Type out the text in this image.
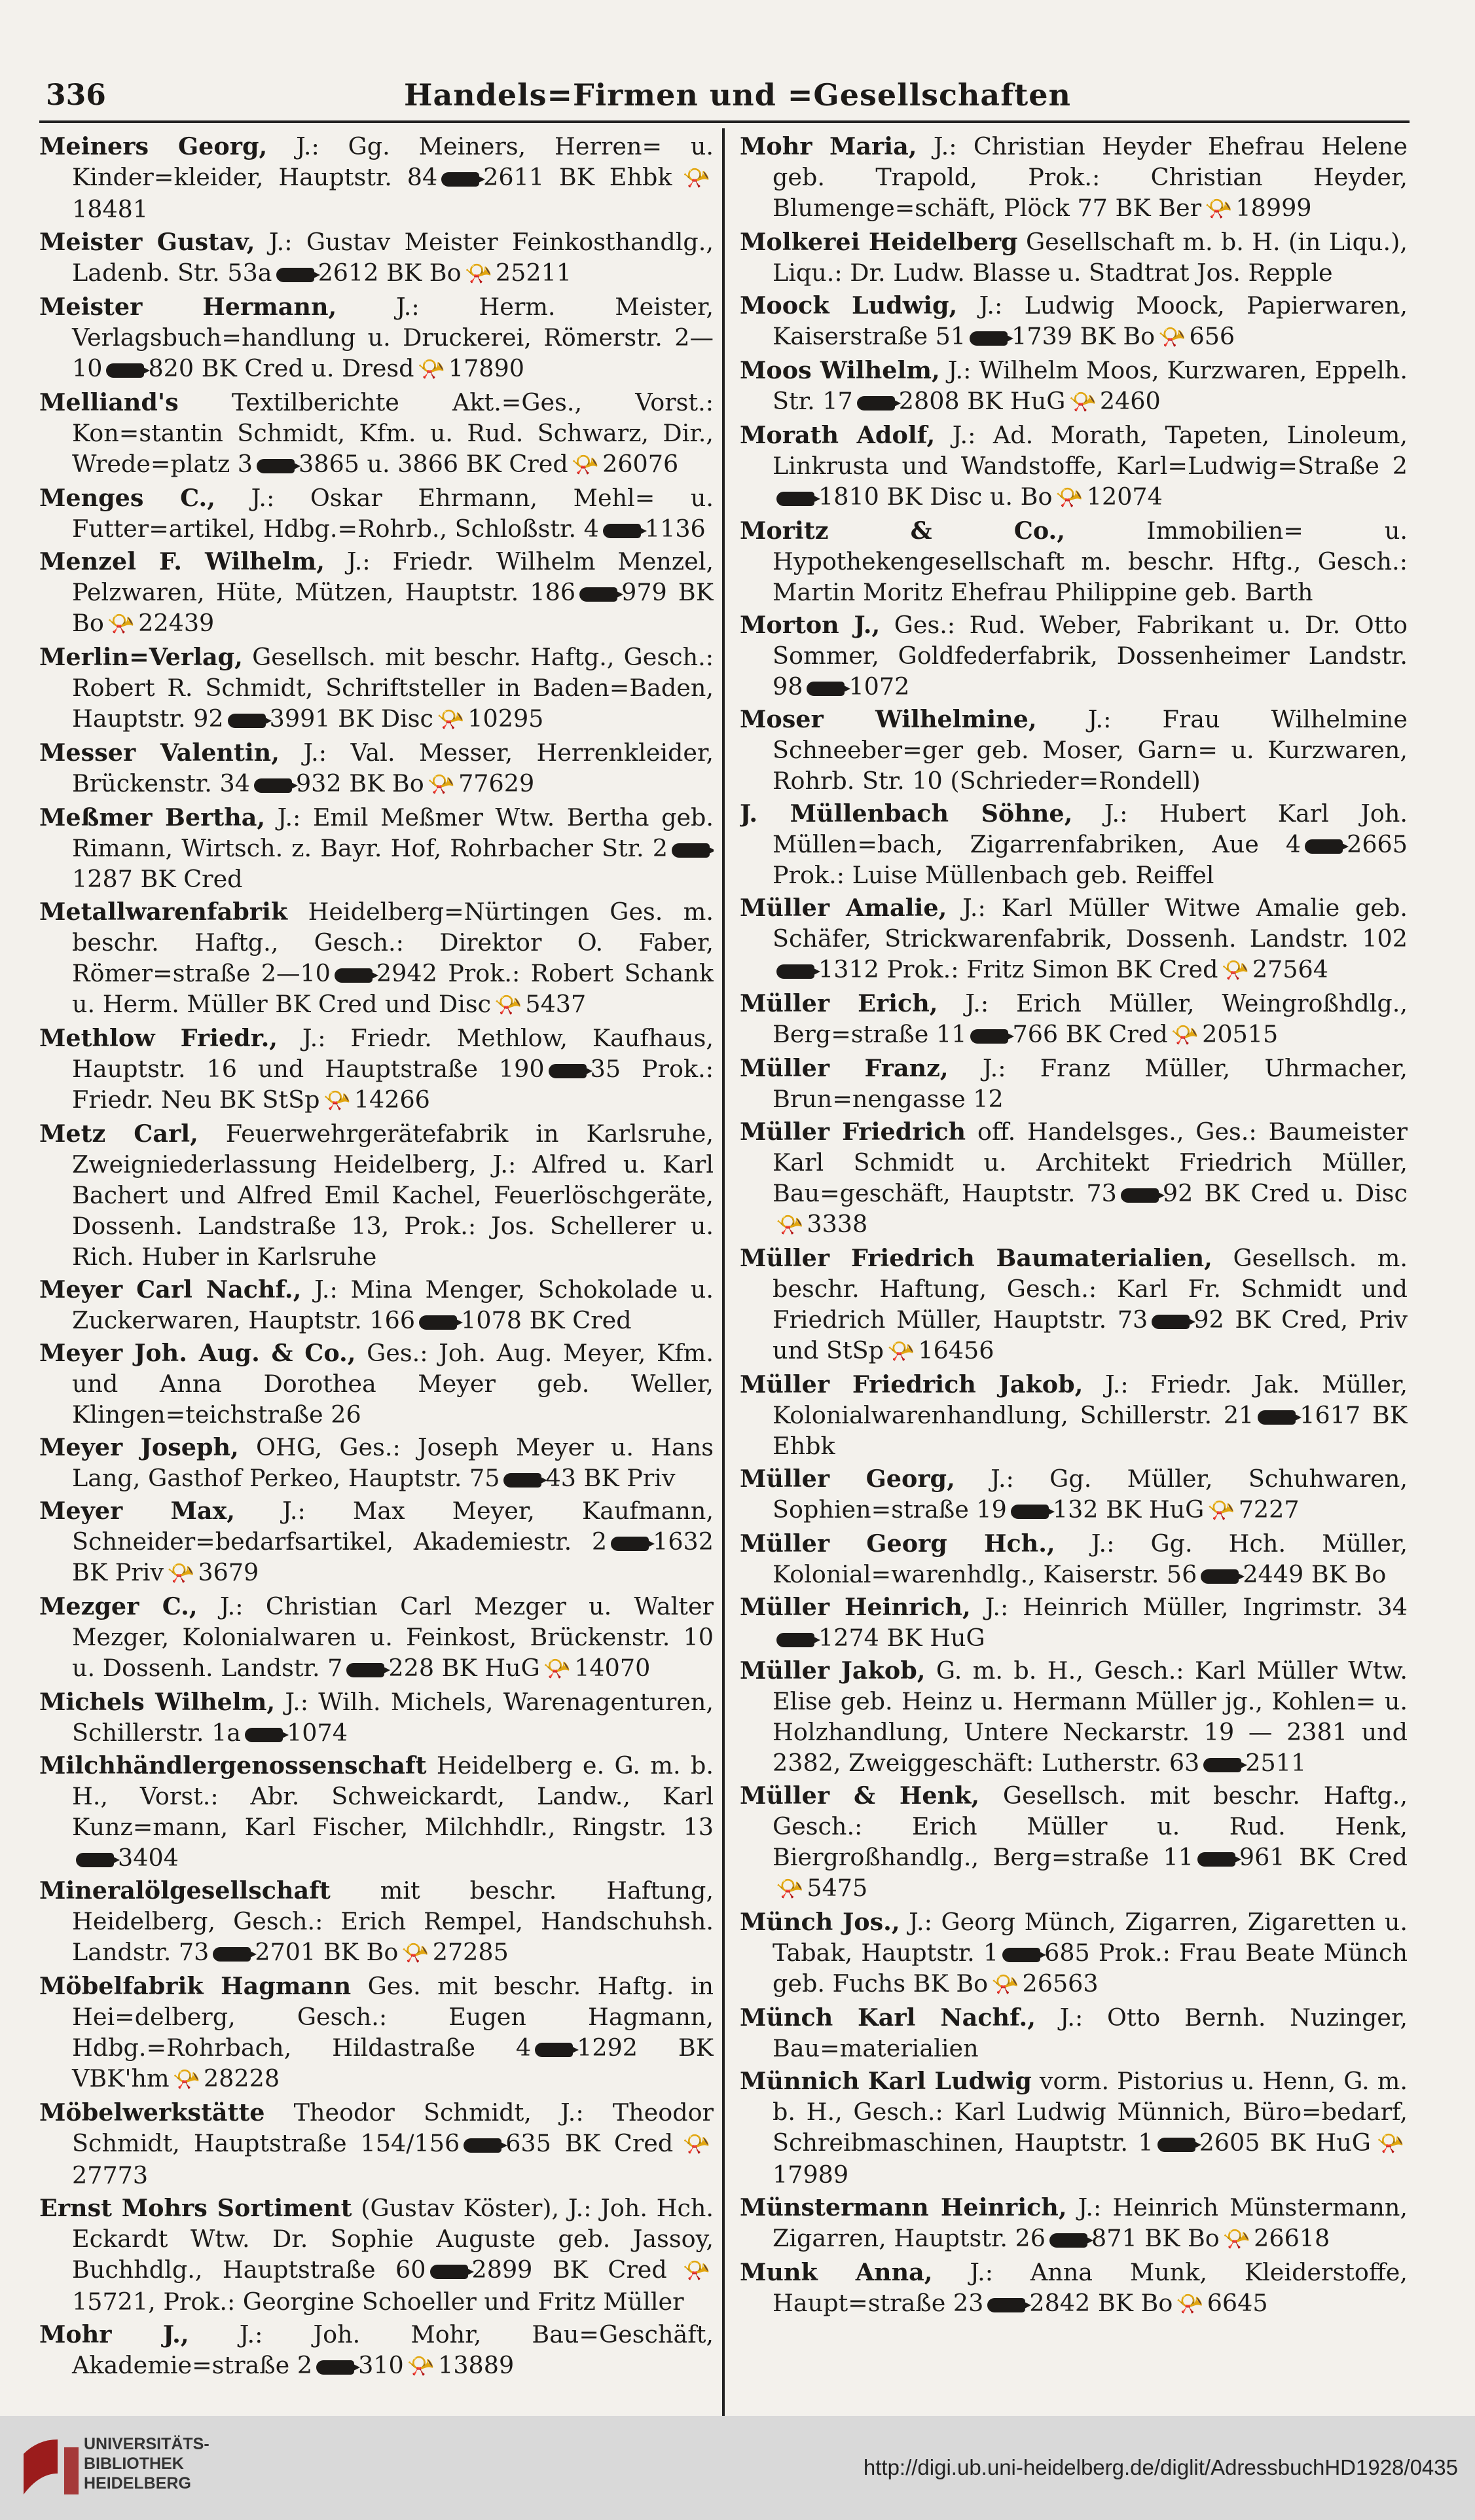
336	Handels=Firmen und =Gesellschaften
Meiners Georg, J.: Gg. Meiners, Herren= u. Kinder=kleider, Hauptstr. 84 2611 BK Ehbk 📯18481
Meister Gustav, J.: Gustav Meister Feinkosthandlg., Ladenb. Str. 53a 2612 BK Bo 📯 25211
Meister Hermann, J.: Herm. Meister, Verlagsbuch=handlung u. Druckerei, Römerstr. 2—10 820 BK Cred u. Dresd 📯 17890
Melliand's Textilberichte Akt.=Ges., Vorst.: Kon=stantin Schmidt, Kfm. u. Rud. Schwarz, Dir., Wrede=platz 3 3865 u. 3866 BK Cred 📯 26076
Menges C., J.: Oskar Ehrmann, Mehl= u. Futter=artikel, Hdbg.=Rohrb., Schloßstr. 4 1136
Menzel F. Wilhelm, J.: Friedr. Wilhelm Menzel, Pelzwaren, Hüte, Mützen, Hauptstr. 186 979 BK Bo 📯 22439
Merlin=Verlag, Gesellsch. mit beschr. Haftg., Gesch.: Robert R. Schmidt, Schriftsteller in Baden=Baden, Hauptstr. 92 3991 BK Disc 📯 10295
Messer Valentin, J.: Val. Messer, Herrenkleider, Brückenstr. 34 932 BK Bo 📯 77629
Meßmer Bertha, J.: Emil Meßmer Wtw. Bertha geb. Rimann, Wirtsch. z. Bayr. Hof, Rohrbacher Str. 21287 BK Cred
Metallwarenfabrik Heidelberg=Nürtingen Ges. m. beschr. Haftg., Gesch.: Direktor O. Faber, Römer=straße 2—10 2942 Prok.: Robert Schank u. Herm. Müller BK Cred und Disc 📯 5437
Methlow Friedr., J.: Friedr. Methlow, Kaufhaus, Hauptstr. 16 und Hauptstraße 190 35 Prok.: Friedr. Neu BK StSp 📯 14266
Metz Carl, Feuerwehrgerätefabrik in Karlsruhe, Zweigniederlassung Heidelberg, J.: Alfred u. Karl Bachert und Alfred Emil Kachel, Feuerlöschgeräte, Dossenh. Landstraße 13, Prok.: Jos. Schellerer u. Rich. Huber in Karlsruhe
Meyer Carl Nachf., J.: Mina Menger, Schokolade u. Zuckerwaren, Hauptstr. 166 1078 BK Cred
Meyer Joh. Aug. & Co., Ges.: Joh. Aug. Meyer, Kfm. und Anna Dorothea Meyer geb. Weller, Klingen=teichstraße 26
Meyer Joseph, OHG, Ges.: Joseph Meyer u. Hans Lang, Gasthof Perkeo, Hauptstr. 75 43 BK Priv
Meyer Max, J.: Max Meyer, Kaufmann, Schneider=bedarfsartikel, Akademiestr. 2 1632 BK Priv 📯 3679
Mezger C., J.: Christian Carl Mezger u. Walter Mezger, Kolonialwaren u. Feinkost, Brückenstr. 10 u. Dossenh. Landstr. 7 228 BK HuG 📯 14070
Michels Wilhelm, J.: Wilh. Michels, Warenagenturen, Schillerstr. 1a 1074
Milchhändlergenossenschaft Heidelberg e. G. m. b. H., Vorst.: Abr. Schweickardt, Landw., Karl Kunz=mann, Karl Fischer, Milchhdlr., Ringstr. 133404
Mineralölgesellschaft mit beschr. Haftung, Heidelberg, Gesch.: Erich Rempel, Handschuhsh. Landstr. 73 2701 BK Bo 📯 27285
Möbelfabrik Hagmann Ges. mit beschr. Haftg. in Hei=delberg, Gesch.: Eugen Hagmann, Hdbg.=Rohrbach, Hildastraße 4 1292 BK VBK'hm 📯 28228
Möbelwerkstätte Theodor Schmidt, J.: Theodor Schmidt, Hauptstraße 154/156 635 BK Cred 📯27773
Ernst Mohrs Sortiment (Gustav Köster), J.: Joh. Hch. Eckardt Wtw. Dr. Sophie Auguste geb. Jassoy, Buchhdlg., Hauptstraße 60 2899 BK Cred 📯15721, Prok.: Georgine Schoeller und Fritz Müller
Mohr J., J.: Joh. Mohr, Bau=Geschäft, Akademie=straße 2 310 📯 13889
Mohr Maria, J.: Christian Heyder Ehefrau Helene geb. Trapold, Prok.: Christian Heyder, Blumenge=schäft, Plöck 77 BK Ber 📯 18999
Molkerei Heidelberg Gesellschaft m. b. H. (in Liqu.), Liqu.: Dr. Ludw. Blasse u. Stadtrat Jos. Repple
Moock Ludwig, J.: Ludwig Moock, Papierwaren, Kaiserstraße 51 1739 BK Bo 📯 656
Moos Wilhelm, J.: Wilhelm Moos, Kurzwaren, Eppelh. Str. 17 2808 BK HuG 📯 2460
Morath Adolf, J.: Ad. Morath, Tapeten, Linoleum, Linkrusta und Wandstoffe, Karl=Ludwig=Straße 21810 BK Disc u. Bo 📯 12074
Moritz & Co.,	Immobilien= u. Hypothekengesellschaft m. beschr. Hftg., Gesch.: Martin Moritz Ehefrau Philippine geb. Barth
Morton J., Ges.: Rud. Weber, Fabrikant u. Dr. Otto Sommer, Goldfederfabrik, Dossenheimer Landstr. 98 1072
Moser Wilhelmine, J.: Frau Wilhelmine Schneeber=ger geb. Moser, Garn= u. Kurzwaren, Rohrb. Str. 10 (Schrieder=Rondell)
J. Müllenbach Söhne, J.: Hubert Karl Joh. Müllen=bach, Zigarrenfabriken, Aue 4 2665 Prok.: Luise Müllenbach geb. Reiffel
Müller Amalie, J.: Karl Müller Witwe Amalie geb. Schäfer, Strickwarenfabrik, Dossenh. Landstr. 1021312 Prok.: Fritz Simon BK Cred 📯 27564
Müller Erich, J.: Erich Müller, Weingroßhdlg., Berg=straße 11 766 BK Cred 📯 20515
Müller Franz, J.: Franz Müller, Uhrmacher, Brun=nengasse 12
Müller Friedrich off. Handelsges., Ges.: Baumeister Karl Schmidt u. Architekt Friedrich Müller, Bau=geschäft, Hauptstr. 73 92 BK Cred u. Disc📯 3338
Müller Friedrich Baumaterialien, Gesellsch. m. beschr. Haftung, Gesch.: Karl Fr. Schmidt und Friedrich Müller, Hauptstr. 73 92 BK Cred, Priv und StSp 📯 16456
Müller Friedrich Jakob, J.: Friedr. Jak. Müller, Kolonialwarenhandlung, Schillerstr. 21 1617 BK Ehbk
Müller Georg, J.: Gg. Müller, Schuhwaren, Sophien=straße 19 132 BK HuG 📯 7227
Müller Georg Hch., J.: Gg. Hch. Müller, Kolonial=warenhdlg., Kaiserstr. 56 2449 BK Bo
Müller Heinrich, J.: Heinrich Müller, Ingrimstr. 341274 BK HuG
Müller Jakob, G. m. b. H., Gesch.: Karl Müller Wtw. Elise geb. Heinz u. Hermann Müller jg., Kohlen= u. Holzhandlung, Untere Neckarstr. 19 — 2381 und 2382, Zweiggeschäft: Lutherstr. 63 2511
Müller & Henk, Gesellsch. mit beschr. Haftg., Gesch.: Erich Müller u. Rud. Henk, Biergroßhandlg., Berg=straße 11 961 BK Cred📯 5475
Münch Jos., J.: Georg Münch, Zigarren, Zigaretten u. Tabak, Hauptstr. 1 685 Prok.: Frau Beate Münch geb. Fuchs BK Bo 📯 26563
Münch Karl Nachf., J.: Otto Bernh. Nuzinger, Bau=materialien
Münnich Karl Ludwig vorm. Pistorius u. Henn, G. m. b. H., Gesch.: Karl Ludwig Münnich, Büro=bedarf, Schreibmaschinen, Hauptstr. 1 2605 BK HuG 📯17989
Münstermann Heinrich, J.: Heinrich Münstermann, Zigarren, Hauptstr. 26 871 BK Bo 📯 26618
Munk Anna, J.: Anna Munk, Kleiderstoffe, Haupt=straße 23 2842 BK Bo 📯 6645
UNIVERSITÄTS-
BIBLIOTHEK
HEIDELBERG
http://digi.ub.uni-heidelberg.de/diglit/AdressbuchHD1928/0435
